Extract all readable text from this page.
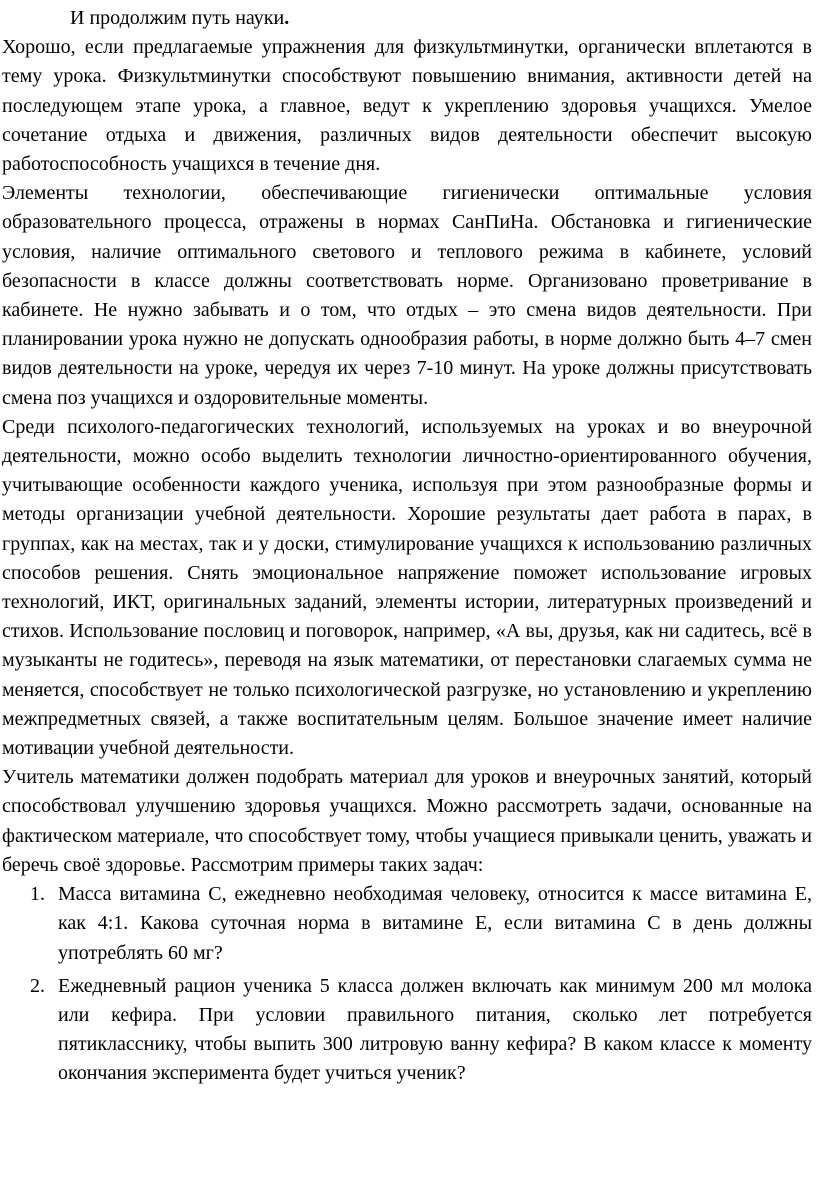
И продолжим путь науки.

Хорошо, если предлагаемые упражнения для физкультминутки, органически вплетаются в тему урока. Физкультминутки способствуют повышению внимания, активности детей на последующем этапе урока, а главное, ведут к укреплению здоровья учащихся. Умелое сочетание отдыха и движения, различных видов деятельности обеспечит высокую работоспособность учащихся в течение дня.

Элементы технологии, обеспечивающие гигиенически оптимальные условия образовательного процесса, отражены в нормах СанПиНа. Обстановка и гигиенические условия, наличие оптимального светового и теплового режима в кабинете, условий безопасности в классе должны соответствовать норме. Организовано проветривание в кабинете. Не нужно забывать и о том, что отдых – это смена видов деятельности. При планировании урока нужно не допускать однообразия работы, в норме должно быть 4–7 смен видов деятельности на уроке, чередуя их через 7-10 минут. На уроке должны присутствовать смена поз учащихся и оздоровительные моменты.

Среди психолого-педагогических технологий, используемых на уроках и во внеурочной деятельности, можно особо выделить технологии личностно-ориентированного обучения, учитывающие особенности каждого ученика, используя при этом разнообразные формы и методы организации учебной деятельности. Хорошие результаты дает работа в парах, в группах, как на местах, так и у доски, стимулирование учащихся к использованию различных способов решения. Снять эмоциональное напряжение поможет использование игровых технологий, ИКТ, оригинальных заданий, элементы истории, литературных произведений и стихов. Использование пословиц и поговорок, например, «А вы, друзья, как ни садитесь, всё в музыканты не годитесь», переводя на язык математики, от перестановки слагаемых сумма не меняется, способствует не только психологической разгрузке, но установлению и укреплению межпредметных связей, а также воспитательным целям. Большое значение имеет наличие мотивации учебной деятельности.

Учитель математики должен подобрать материал для уроков и внеурочных занятий, который способствовал улучшению здоровья учащихся. Можно рассмотреть задачи, основанные на фактическом материале, что способствует тому, чтобы учащиеся привыкали ценить, уважать и беречь своё здоровье. Рассмотрим примеры таких задач:

1. Масса витамина С, ежедневно необходимая человеку, относится к массе витамина Е, как 4:1. Какова суточная норма в витамине Е, если витамина С в день должны употреблять 60 мг?
2. Ежедневный рацион ученика 5 класса должен включать как минимум 200 мл молока или кефира. При условии правильного питания, сколько лет потребуется пятикласснику, чтобы выпить 300 литровую ванну кефира? В каком классе к моменту окончания эксперимента будет учиться ученик?
